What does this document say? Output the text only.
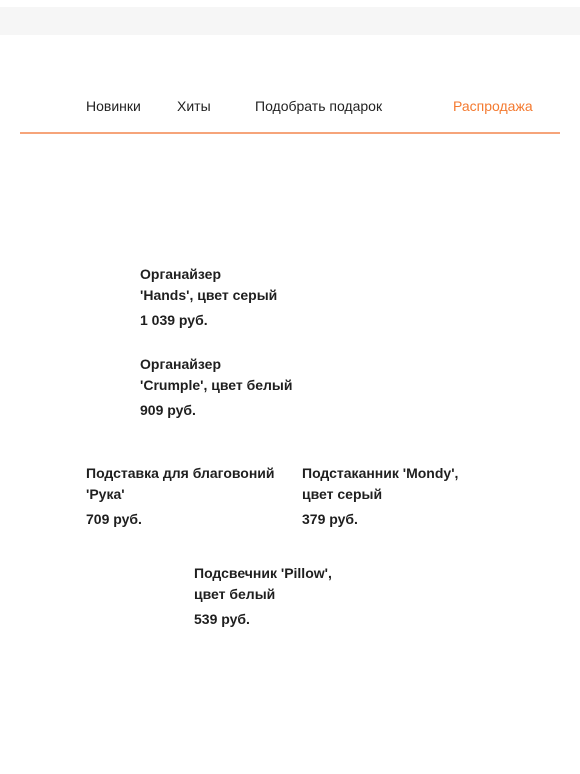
Новинки	Хиты	Подобрать подарок	Распродажа
Органайзер
'Hands', цвет серый
1 039 руб.
Органайзер
'Crumple', цвет белый
909 руб.
Подставка для благовоний
'Рука'
709 руб.
Подстаканник 'Mondy',
цвет серый
379 руб.
Подсвечник 'Pillow',
цвет белый
539 руб.
